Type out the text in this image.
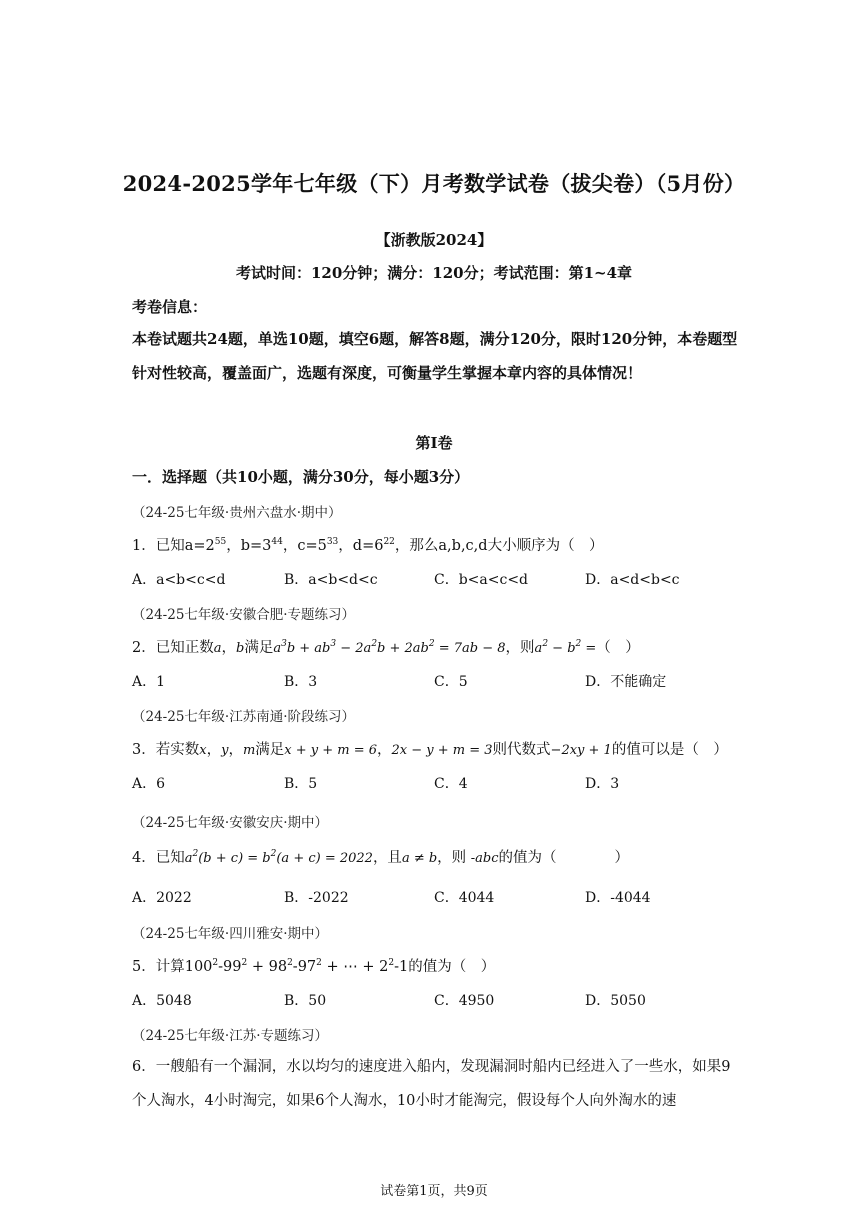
2024-2025学年七年级（下）月考数学试卷（拔尖卷）（5月份）
【浙教版2024】
考试时间：120分钟；满分：120分；考试范围：第1~4章
考卷信息：
本卷试题共24题，单选10题，填空6题，解答8题，满分120分，限时120分钟，本卷题型针对性较高，覆盖面广，选题有深度，可衡量学生掌握本章内容的具体情况！
第I卷
一．选择题（共10小题，满分30分，每小题3分）
（24-25七年级·贵州六盘水·期中）
1．已知$a=2^{55}$，$b=3^{44}$，$c=5^{33}$，$d=6^{22}$，那么a,b,c,d大小顺序为（　）
A．a<b<c<d	B．a<b<d<c	C．b<a<c<d	D．a<d<b<c
（24-25七年级·安徽合肥·专题练习）
2．已知正数a，b满足$a^3b + ab^3 - 2a^2b + 2ab^2 = 7ab - 8$，则$a^2 - b^2$ =（　）
A．1	B．3	C．5	D．不能确定
（24-25七年级·江苏南通·阶段练习）
3．若实数x，y，m满足x + y + m = 6，2x − y + m = 3则代数式−2xy + 1的值可以是（　）
A．6	B．5	C．4	D．3
（24-25七年级·安徽安庆·期中）
4．已知$a^2(b + c) = b^2(a + c) = 2022$，且a ≠ b，则 -abc的值为（　　　　）
A．2022	B．-2022	C．4044	D．-4044
（24-25七年级·四川雅安·期中）
5．计算$100^2-99^2 + 98^2-97^2$ + ⋯ + $2^2-1$的值为（　）
A．5048	B．50	C．4950	D．5050
（24-25七年级·江苏·专题练习）
6．一艘船有一个漏洞，水以均匀的速度进入船内，发现漏洞时船内已经进入了一些水，如果9个人淘水，4小时淘完，如果6个人淘水，10小时才能淘完，假设每个人向外淘水的速
试卷第1页，共9页
